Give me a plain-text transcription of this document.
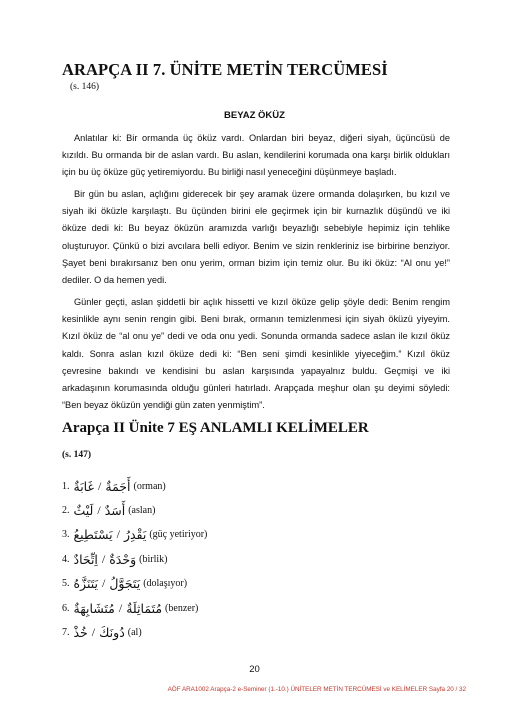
ARAPÇA II 7. ÜNİTE METİN TERCÜMESİ
(s. 146)
BEYAZ ÖKÜZ

Anlatılar ki: Bir ormanda üç öküz vardı. Onlardan biri beyaz, diğeri siyah, üçüncüsü de kızıldı. Bu ormanda bir de aslan vardı. Bu aslan, kendilerini korumada ona karşı birlik oldukları için bu üç öküze güç yetiremiyordu. Bu birliği nasıl yeneceğini düşünmeye başladı.

Bir gün bu aslan, açlığını giderecek bir şey aramak üzere ormanda dolaşırken, bu kızıl ve siyah iki öküzle karşılaştı. Bu üçünden birini ele geçirmek için bir kurnazlık düşündü ve iki öküze dedi ki: Bu beyaz öküzün aramızda varlığı beyazlığı sebebiyle hepimiz için tehlike oluşturuyor. Çünkü o bizi avcılara belli ediyor. Benim ve sizin renkleriniz ise birbirine benziyor. Şayet beni bırakırsanız ben onu yerim, orman bizim için temiz olur. Bu iki öküz: “Al onu ye!” dediler. O da hemen yedi.

Günler geçti, aslan şiddetli bir açlık hissetti ve kızıl öküze gelip şöyle dedi: Benim rengim kesinlikle aynı senin rengin gibi. Beni bırak, ormanın temizlenmesi için siyah öküzü yiyeyim. Kızıl öküz de “al onu ye” dedi ve oda onu yedi. Sonunda ormanda sadece aslan ile kızıl öküz kaldı. Sonra aslan kızıl öküze dedi ki: “Ben seni şimdi kesinlikle yiyeceğim.” Kızıl öküz çevresine bakındı ve kendisini bu aslan karşısında yapayalnız buldu. Geçmişi ve iki arkadaşının korumasında olduğu günleri hatırladı. Arapçada meşhur olan şu deyimi söyledi: “Ben beyaz öküzün yendiği gün zaten yenmiştim”.

Arapça II Ünite 7 EŞ ANLAMLI KELİMELER
(s. 147)
1. غَابَةٌ / أَجَمَةٌ (orman)
2. لَيْثٌ / أَسَدٌ (aslan)
3. يَسْتَطِيعُ / يَقْدِرُ (güç yetiriyor)
4. اِتِّحَادٌ / وَحْدَةٌ (birlik)
5. يَتَنَزَّهُ / يَتَجَوَّلُ (dolaşıyor)
6. مُتَشَابِهَةٌ / مُتَمَاثِلَةٌ (benzer)
7. خُذْ / دُونَكَ (al)
20
AÖF ARA1002 Arapça-2 e-Seminer (1.-10.) ÜNİTELER METİN TERCÜMESİ ve KELİMELER Sayfa 20 / 32
